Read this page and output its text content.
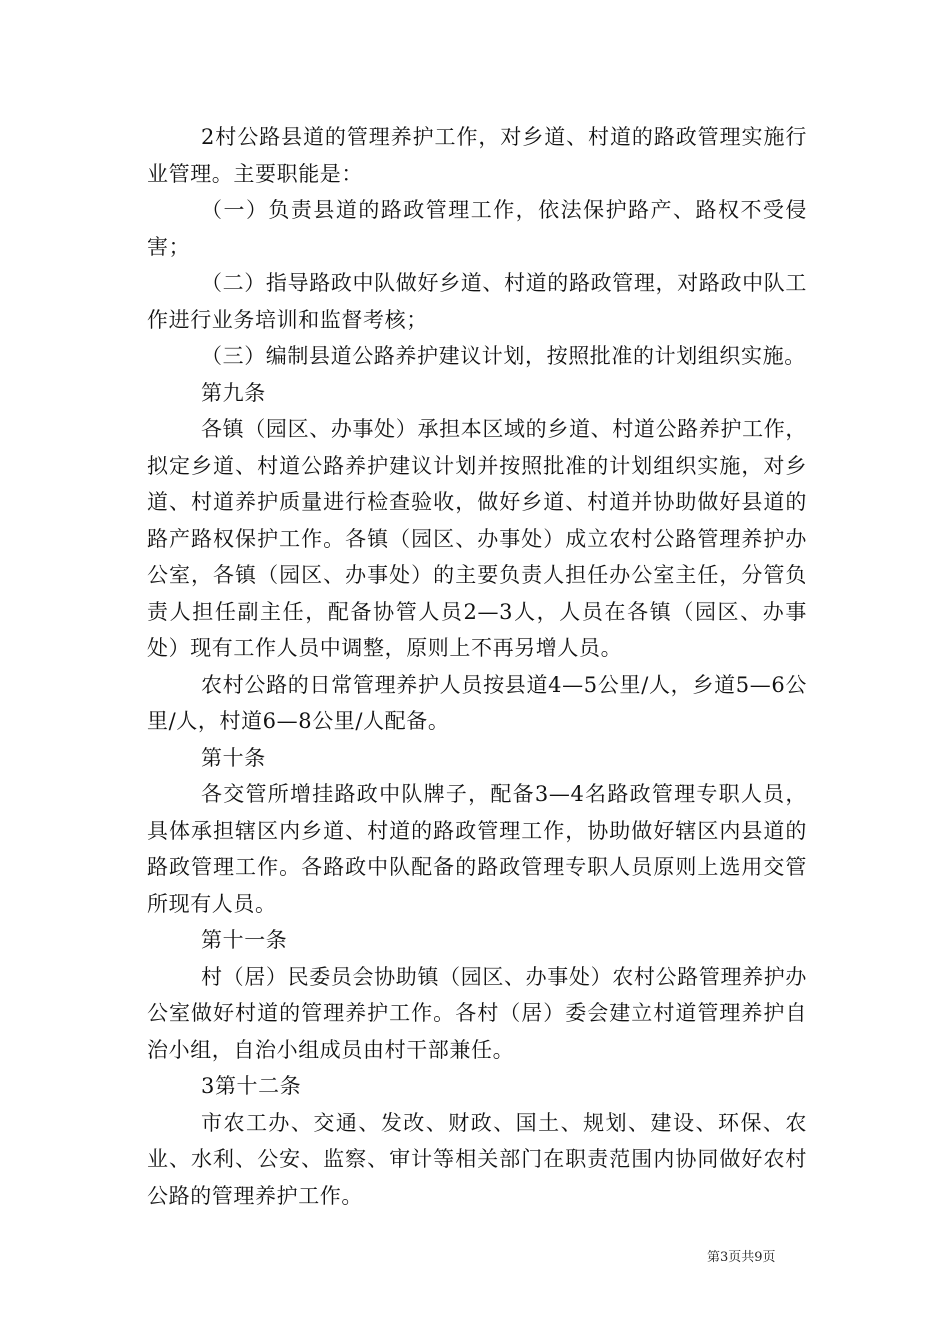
2村公路县道的管理养护工作，对乡道、村道的路政管理实施行业管理。主要职能是：

（一）负责县道的路政管理工作，依法保护路产、路权不受侵害；

（二）指导路政中队做好乡道、村道的路政管理，对路政中队工作进行业务培训和监督考核；

（三）编制县道公路养护建议计划，按照批准的计划组织实施。

第九条

各镇（园区、办事处）承担本区域的乡道、村道公路养护工作，拟定乡道、村道公路养护建议计划并按照批准的计划组织实施，对乡道、村道养护质量进行检查验收，做好乡道、村道并协助做好县道的路产路权保护工作。各镇（园区、办事处）成立农村公路管理养护办公室，各镇（园区、办事处）的主要负责人担任办公室主任，分管负责人担任副主任，配备协管人员2—3人，人员在各镇（园区、办事处）现有工作人员中调整，原则上不再另增人员。

农村公路的日常管理养护人员按县道4—5公里/人，乡道5—6公里/人，村道6—8公里/人配备。

第十条

各交管所增挂路政中队牌子，配备3—4名路政管理专职人员，具体承担辖区内乡道、村道的路政管理工作，协助做好辖区内县道的路政管理工作。各路政中队配备的路政管理专职人员原则上选用交管所现有人员。

第十一条

村（居）民委员会协助镇（园区、办事处）农村公路管理养护办公室做好村道的管理养护工作。各村（居）委会建立村道管理养护自治小组，自治小组成员由村干部兼任。

3第十二条

市农工办、交通、发改、财政、国土、规划、建设、环保、农业、水利、公安、监察、审计等相关部门在职责范围内协同做好农村公路的管理养护工作。

第3页共9页
